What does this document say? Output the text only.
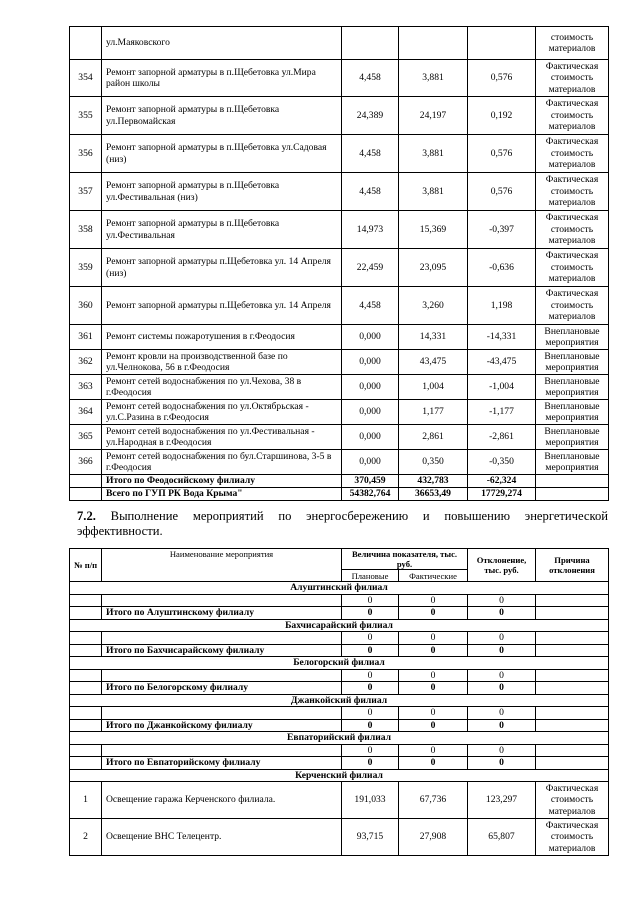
	ул.Маяковского				стоимость материалов
354	Ремонт запорной арматуры в п.Щебетовка ул.Мира район школы	4,458	3,881	0,576	Фактическая стоимость материалов
355	Ремонт запорной арматуры в п.Щебетовка ул.Первомайская	24,389	24,197	0,192	Фактическая стоимость материалов
356	Ремонт запорной арматуры в п.Щебетовка ул.Садовая (низ)	4,458	3,881	0,576	Фактическая стоимость материалов
357	Ремонт запорной арматуры в п.Щебетовка ул.Фестивальная (низ)	4,458	3,881	0,576	Фактическая стоимость материалов
358	Ремонт запорной арматуры в п.Щебетовка ул.Фестивальная	14,973	15,369	-0,397	Фактическая стоимость материалов
359	Ремонт запорной арматуры п.Щебетовка ул. 14 Апреля (низ)	22,459	23,095	-0,636	Фактическая стоимость материалов
360	Ремонт запорной арматуры п.Щебетовка ул. 14 Апреля	4,458	3,260	1,198	Фактическая стоимость материалов
361	Ремонт системы пожаротушения в г.Феодосия	0,000	14,331	-14,331	Внеплановые мероприятия
362	Ремонт кровли на производственной базе по ул.Челнокова, 56 в г.Феодосия	0,000	43,475	-43,475	Внеплановые мероприятия
363	Ремонт сетей водоснабжения по ул.Чехова, 38 в г.Феодосия	0,000	1,004	-1,004	Внеплановые мероприятия
364	Ремонт сетей водоснабжения по ул.Октябрьская - ул.С.Разина в г.Феодосия	0,000	1,177	-1,177	Внеплановые мероприятия
365	Ремонт сетей водоснабжения по ул.Фестивальная - ул.Народная в г.Феодосия	0,000	2,861	-2,861	Внеплановые мероприятия
366	Ремонт сетей водоснабжения по бул.Старшинова, 3-5 в г.Феодосия	0,000	0,350	-0,350	Внеплановые мероприятия
	Итого по Феодосийскому филиалу	370,459	432,783	-62,324	
	Всего по ГУП РК Вода Крыма"	54382,764	36653,49	17729,274	

7.2. Выполнение мероприятий по энергосбережению и повышению энергетической эффективности.

№ п/п	Наименование мероприятия	Величина показателя, тыс. руб.		Отклонение, тыс. руб.	Причина отклонения
		Плановые	Фактические		
Алуштинский филиал					
		0	0	0	
	Итого по Алуштинскому филиалу	0	0	0	
Бахчисарайский филиал					
		0	0	0	
	Итого по Бахчисарайскому филиалу	0	0	0	
Белогорский филиал					
		0	0	0	
	Итого по Белогорскому филиалу	0	0	0	
Джанкойский филиал					
		0	0	0	
	Итого по Джанкойскому филиалу	0	0	0	
Евпаторийский филиал					
		0	0	0	
	Итого по Евпаторийскому филиалу	0	0	0	
Керченский филиал					
1	Освещение гаража Керченского филиала.	191,033	67,736	123,297	Фактическая стоимость материалов
2	Освещение ВНС Телецентр.	93,715	27,908	65,807	Фактическая стоимость материалов
